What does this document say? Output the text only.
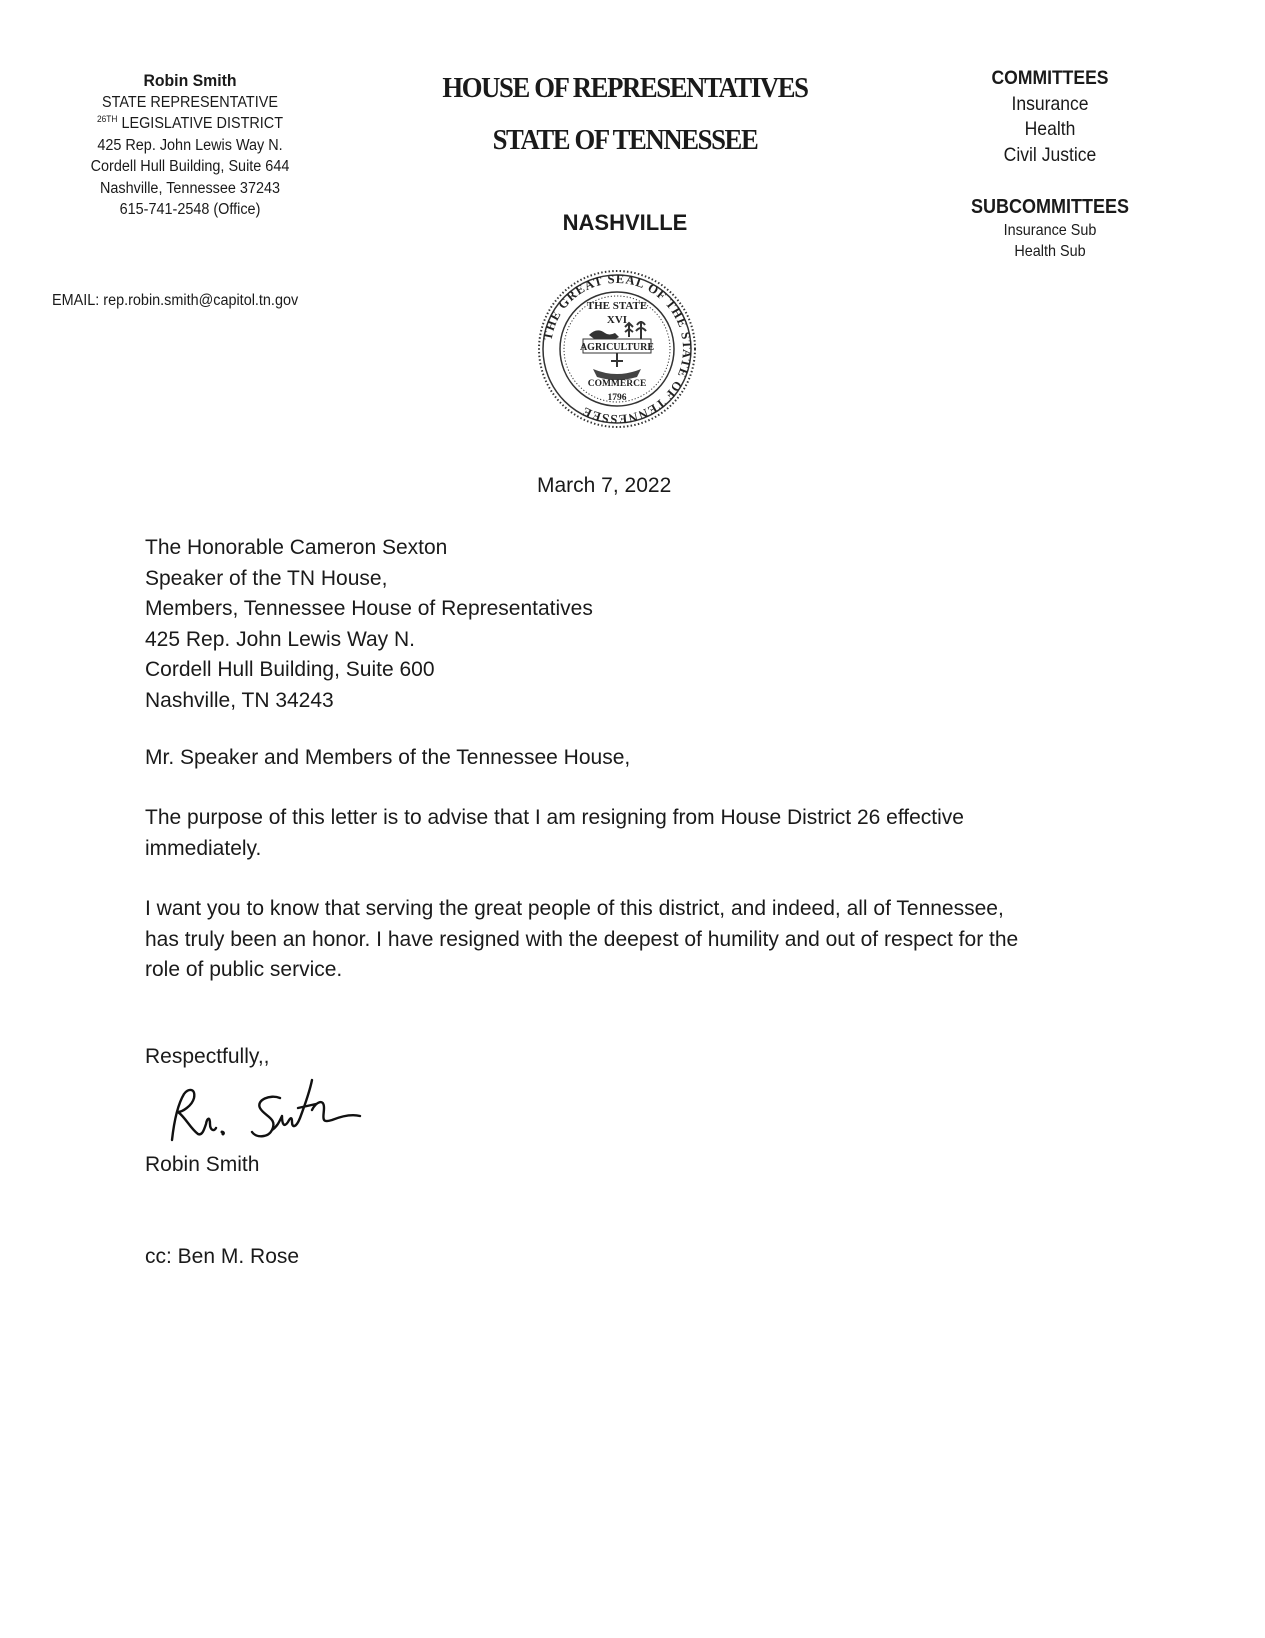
Robin Smith
STATE REPRESENTATIVE
$^{26TH}$ LEGISLATIVE DISTRICT
425 Rep. John Lewis Way N.
Cordell Hull Building, Suite 644
Nashville, Tennessee 37243
615-741-2548 (Office)
EMAIL: rep.robin.smith@capitol.tn.gov
HOUSE OF REPRESENTATIVES
STATE OF TENNESSEE
NASHVILLE
THE GREAT SEAL OF THE STATE OF TENNESSEE
THE STATE
XVI
AGRICULTURE
COMMERCE
1796
COMMITTEES
Insurance
Health
Civil Justice
SUBCOMMITTEES
Insurance Sub
Health Sub
March 7, 2022
The Honorable Cameron Sexton
Speaker of the TN House,
Members, Tennessee House of Representatives
425 Rep. John Lewis Way N.
Cordell Hull Building, Suite 600
Nashville, TN 34243
Mr. Speaker and Members of the Tennessee House,
The purpose of this letter is to advise that I am resigning from House District 26 effective
immediately.
I want you to know that serving the great people of this district, and indeed, all of Tennessee,
has truly been an honor. I have resigned with the deepest of humility and out of respect for the
role of public service.
Respectfully,,
Robin Smith
cc: Ben M. Rose
